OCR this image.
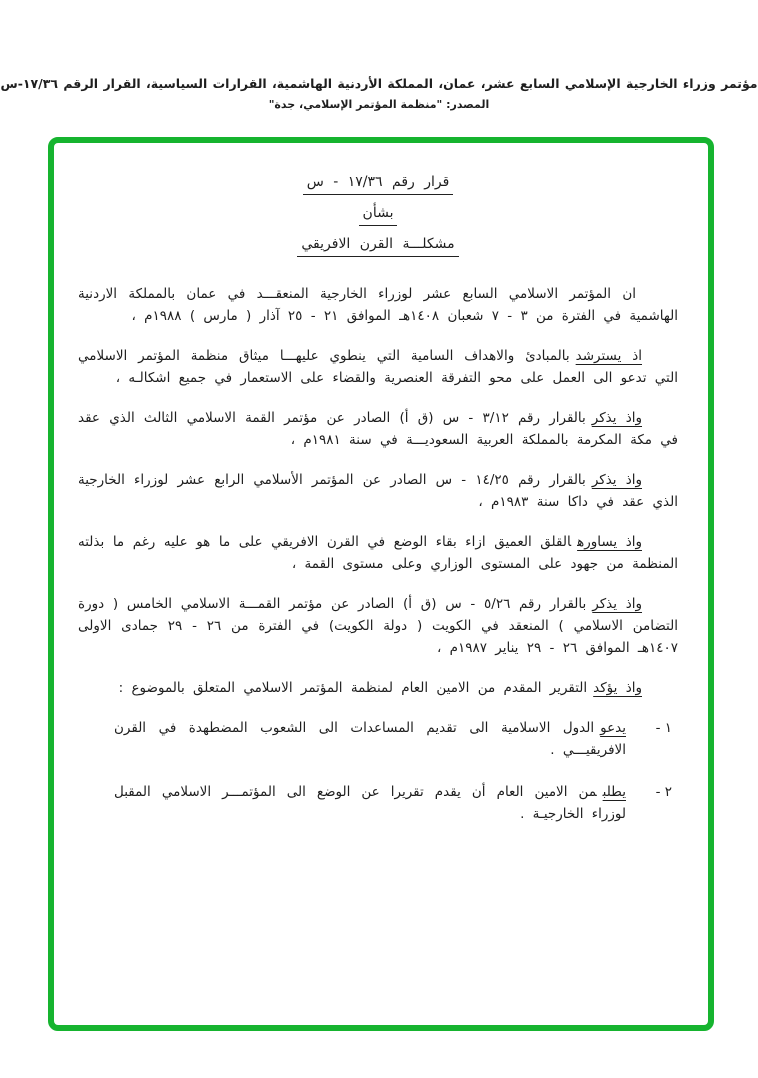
مؤتمر وزراء الخارجية الإسلامي السابع عشر، عمان، المملكة الأردنية الهاشمية، القرارات السياسية، القرار الرقم ١٧/٣٦-س
المصدر: "منظمة المؤتمر الإسلامي، جدة"
قرار رقم ١٧/٣٦ - س
بشأن
مشكلـــة القرن الافريقي

ان المؤتمر الاسلامي السابع عشر لوزراء الخارجية المنعقـــد في عمان بالمملكة الاردنية الهاشمية في الفترة من ٣ - ٧ شعبان ١٤٠٨هـ الموافق ٢١ - ٢٥ آذار ( مارس ) ١٩٨٨م ،

اذ يسترشدبالمبادئ والاهداف السامية التي ينطوي عليهـــا ميثاق منظمة المؤتمر الاسلامي التي تدعو الى العمل على محو التفرقة العنصرية والقضاء على الاستعمار في جميع اشكالـه ،

واذ يذكربالقرار رقم ٣/١٢ - س (ق أ) الصادر عن مؤتمر القمة الاسلامي الثالث الذي عقد في مكة المكرمة بالمملكة العربية السعوديـــة في سنة ١٩٨١م ،

واذ يذكربالقرار رقم ١٤/٢٥ - س الصادر عن المؤتمر الأسلامي الرابع عشر لوزراء الخارجية الذي عقد في داكا سنة ١٩٨٣م ،

واذ يساورهالقلق العميق ازاء بقاء الوضع في القرن الافريقي على ما هو عليه رغم ما بذلته المنظمة من جهود على المستوى الوزاري وعلى مستوى القمة ،

واذ يذكربالقرار رقم ٥/٢٦ - س (ق أ) الصادر عن مؤتمر القمـــة الاسلامي الخامس ( دورة التضامن الاسلامي ) المنعقد في الكويت ( دولة الكويت) في الفترة من ٢٦ - ٢٩ جمادى الاولى ١٤٠٧هـ الموافق ٢٦ - ٢٩ يناير ١٩٨٧م ،

واذ يؤكدالتقرير المقدم من الامين العام لمنظمة المؤتمر الاسلامي المتعلق بالموضوع :

١ -
يدعوالدول الاسلامية الى تقديم المساعدات الى الشعوب المضطهدة في القرن الافريقيـــي .
٢ -
يطلبمن الامين العام أن يقدم تقريرا عن الوضع الى المؤتمـــر الاسلامي المقبل لوزراء الخارجيـة .
